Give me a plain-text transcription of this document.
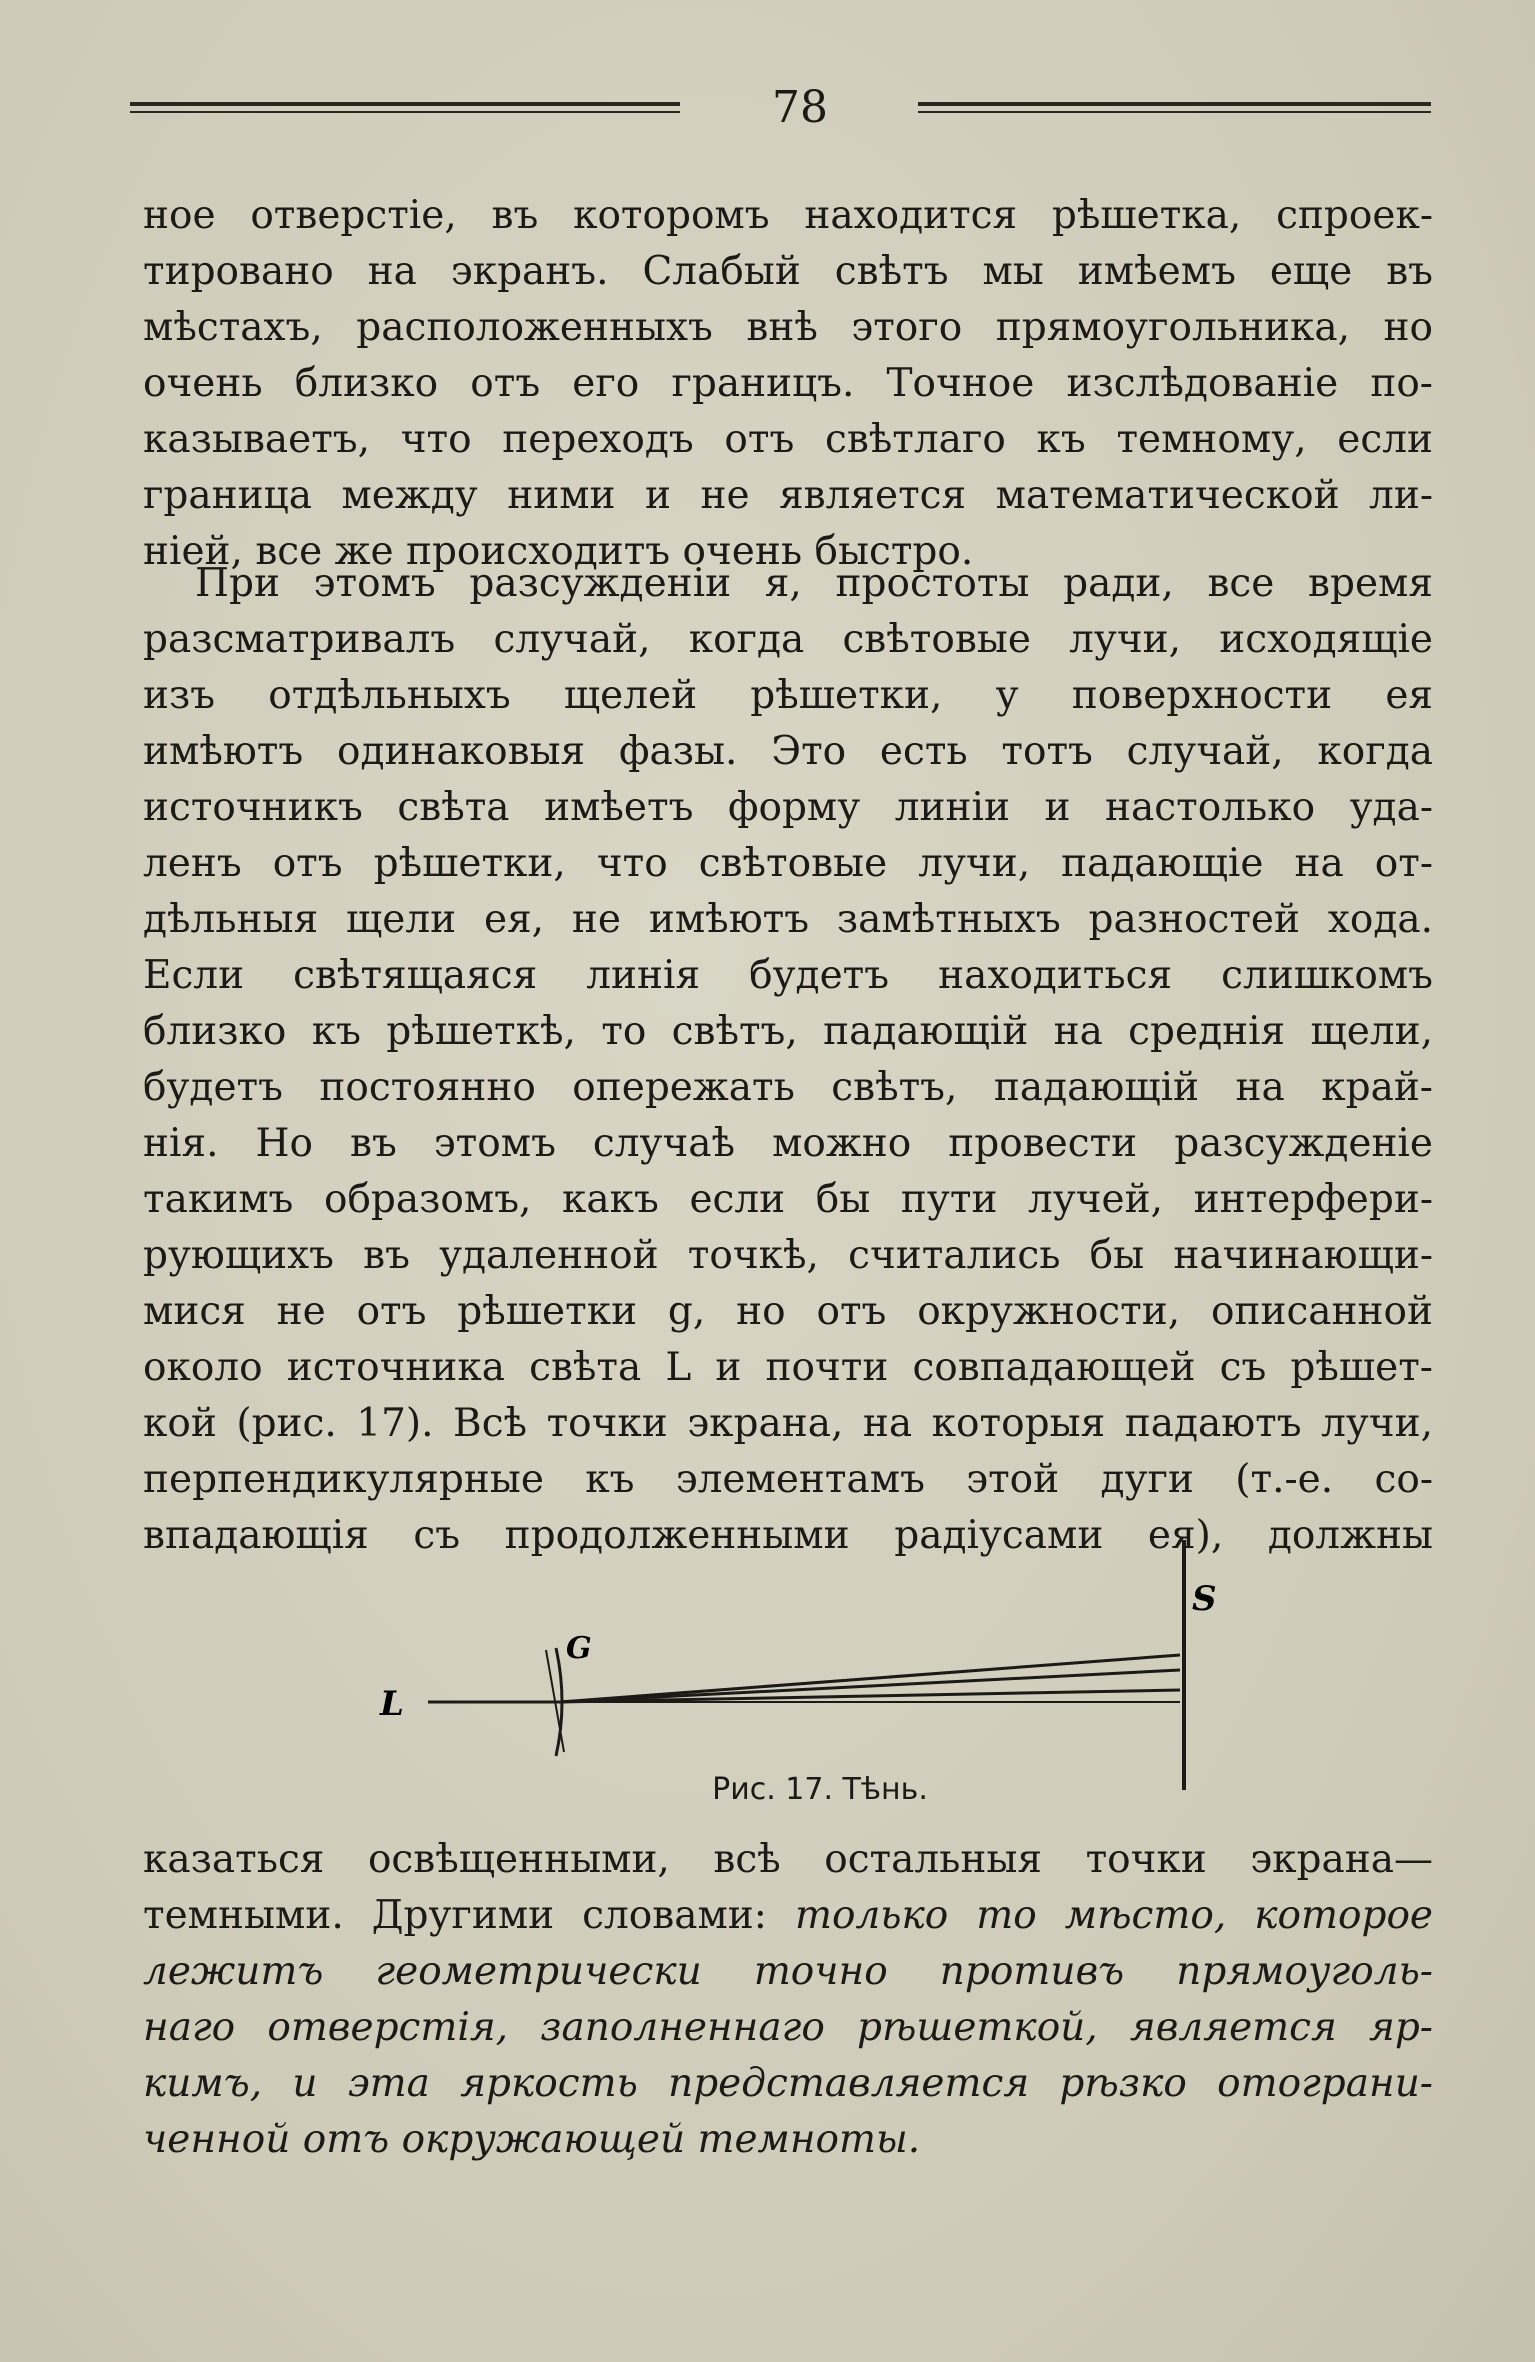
78
ное отверстіе, въ которомъ находится рѣшетка, спроек-
тировано на экранъ. Слабый свѣтъ мы имѣемъ еще въ
мѣстахъ, расположенныхъ внѣ этого прямоугольника, но
очень близко отъ его границъ. Точное изслѣдованіе по-
казываетъ, что переходъ отъ свѣтлаго къ темному, если
граница между ними и не является математической ли-
ніей, все же происходитъ очень быстро.
При этомъ разсужденіи я, простоты ради, все время
разсматривалъ случай, когда свѣтовые лучи, исходящіе
изъ отдѣльныхъ щелей рѣшетки, у поверхности ея
имѣютъ одинаковыя фазы. Это есть тотъ случай, когда
источникъ свѣта имѣетъ форму линіи и настолько уда-
ленъ отъ рѣшетки, что свѣтовые лучи, падающіе на от-
дѣльныя щели ея, не имѣютъ замѣтныхъ разностей хода.
Если свѣтящаяся линія будетъ находиться слишкомъ
близко къ рѣшеткѣ, то свѣтъ, падающій на среднія щели,
будетъ постоянно опережать свѣтъ, падающій на край-
нія. Но въ этомъ случаѣ можно провести разсужденіе
такимъ образомъ, какъ если бы пути лучей, интерфери-
рующихъ въ удаленной точкѣ, считались бы начинающи-
мися не отъ рѣшетки g, но отъ окружности, описанной
около источника свѣта L и почти совпадающей съ рѣшет-
кой (рис. 17). Всѣ точки экрана, на которыя падаютъ лучи,
перпендикулярные къ элементамъ этой дуги (т.-е. со-
впадающія съ продолженными радіусами ея), должны
L
G
S
Рис. 17. Тѣнь.
казаться освѣщенными, всѣ остальныя точки экрана—
темными. Другими словами: только то мѣсто, которое
лежитъ геометрически точно противъ прямоуголь-
наго отверстія, заполненнаго рѣшеткой, является яр-
кимъ, и эта яркость представляется рѣзко отограни-
ченной отъ окружающей темноты.
